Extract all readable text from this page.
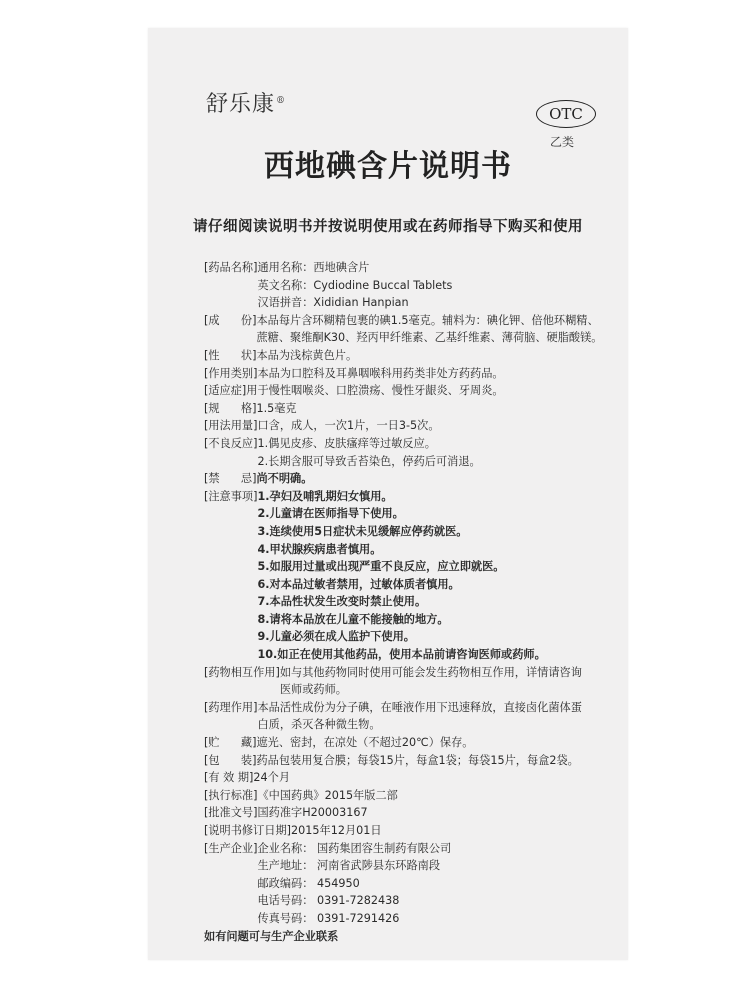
舒乐康®
OTC
乙类
西地碘含片说明书
请仔细阅读说明书并按说明使用或在药师指导下购买和使用
[药品名称] 通用名称：西地碘含片
英文名称：Cydiodine Buccal Tablets
汉语拼音：Xididian Hanpian
[成      份] 本品每片含环糊精包裹的碘1.5毫克。辅料为：碘化钾、倍他环糊精、
蔗糖、聚维酮K30、羟丙甲纤维素、乙基纤维素、薄荷脑、硬脂酸镁。
[性      状] 本品为浅棕黄色片。
[作用类别] 本品为口腔科及耳鼻咽喉科用药类非处方药药品。
[适应症] 用于慢性咽喉炎、口腔溃疡、慢性牙龈炎、牙周炎。
[规      格] 1.5毫克
[用法用量] 口含，成人，一次1片，一日3-5次。
[不良反应] 1.偶见皮疹、皮肤瘙痒等过敏反应。
2.长期含服可导致舌苔染色，停药后可消退。
[禁      忌] 尚不明确。
[注意事项] 1.孕妇及哺乳期妇女慎用。
2.儿童请在医师指导下使用。
3.连续使用5日症状未见缓解应停药就医。
4.甲状腺疾病患者慎用。
5.如服用过量或出现严重不良反应，应立即就医。
6.对本品过敏者禁用，过敏体质者慎用。
7.本品性状发生改变时禁止使用。
8.请将本品放在儿童不能接触的地方。
9.儿童必须在成人监护下使用。
10.如正在使用其他药品，使用本品前请咨询医师或药师。
[药物相互作用] 如与其他药物同时使用可能会发生药物相互作用，详情请咨询
医师或药师。
[药理作用] 本品活性成份为分子碘，在唾液作用下迅速释放，直接卤化菌体蛋
白质，杀灭各种微生物。
[贮      藏] 遮光、密封，在凉处（不超过20℃）保存。
[包      装] 药品包装用复合膜；每袋15片，每盒1袋；每袋15片，每盒2袋。
[有 效 期] 24个月
[执行标准] 《中国药典》2015年版二部
[批准文号] 国药准字H20003167
[说明书修订日期] 2015年12月01日
[生产企业] 企业名称： 国药集团容生制药有限公司
生产地址： 河南省武陟县东环路南段
邮政编码： 454950
电话号码： 0391-7282438
传真号码： 0391-7291426
如有问题可与生产企业联系
